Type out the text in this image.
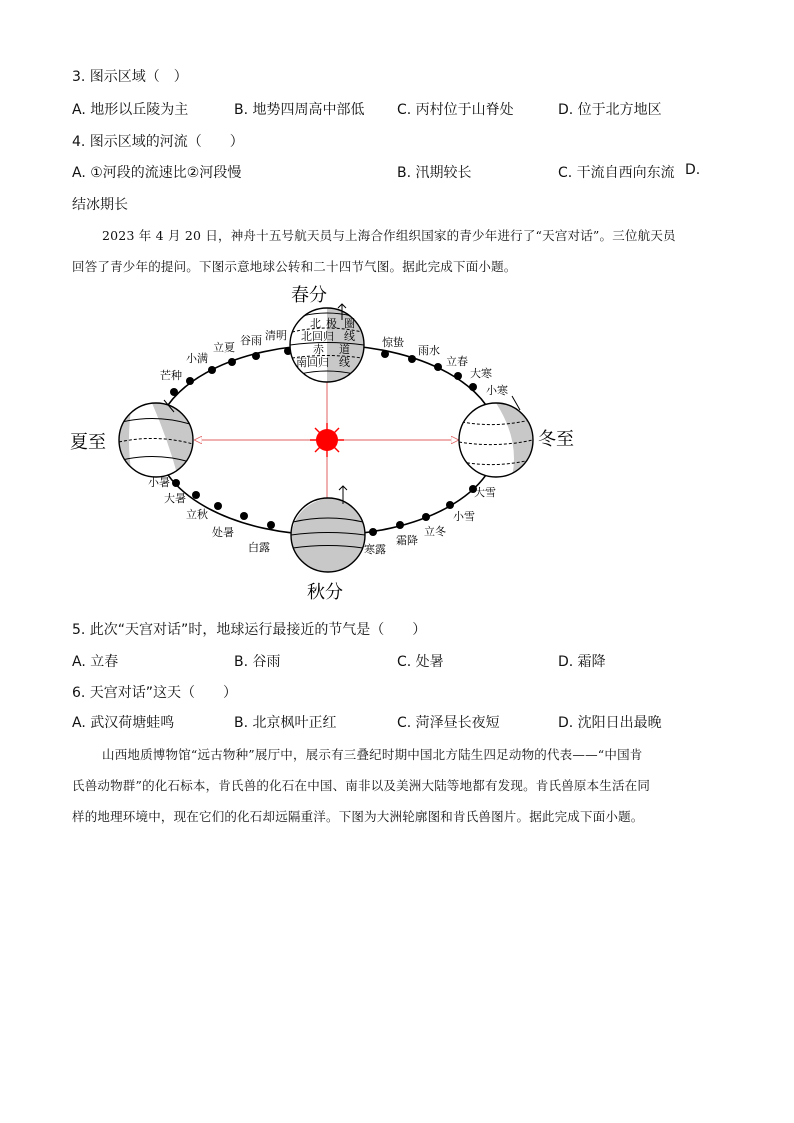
3. 图示区域（　）
A. 地形以丘陵为主	B. 地势四周高中部低 C. 丙村位于山脊处	D. 位于北方地区
4. 图示区域的河流（　　）
A. ①河段的流速比②河段慢	B. 汛期较长	C. 干流自西向东流 D.
结冰期长
2023 年 4 月 20 日，神舟十五号航天员与上海合作组织国家的青少年进行了“天宫对话”。三位航天员
回答了青少年的提问。下图示意地球公转和二十四节气图。据此完成下面小题。
北 极 圈
北回归 线
赤 道
南回归 线
春分
夏至	冬至
秋分
小满
立夏
谷雨 清明
惊蛰
雨水
立春
大寒
小寒
芒种
小暑
大暑
立秋
处暑
白露
大雪
小雪
立冬
霜降
寒露
5. 此次“天宫对话”时，地球运行最接近的节气是（　　）
A. 立春	B. 谷雨	C. 处暑	D. 霜降
6. 天宫对话”这天（　　）
A. 武汉荷塘蛙鸣	B. 北京枫叶正红	C. 菏泽昼长夜短	D. 沈阳日出最晚
山西地质博物馆“远古物种”展厅中，展示有三叠纪时期中国北方陆生四足动物的代表——“中国肯
氏兽动物群”的化石标本，肯氏兽的化石在中国、南非以及美洲大陆等地都有发现。肯氏兽原本生活在同
样的地理环境中，现在它们的化石却远隔重洋。下图为大洲轮廓图和肯氏兽图片。据此完成下面小题。
